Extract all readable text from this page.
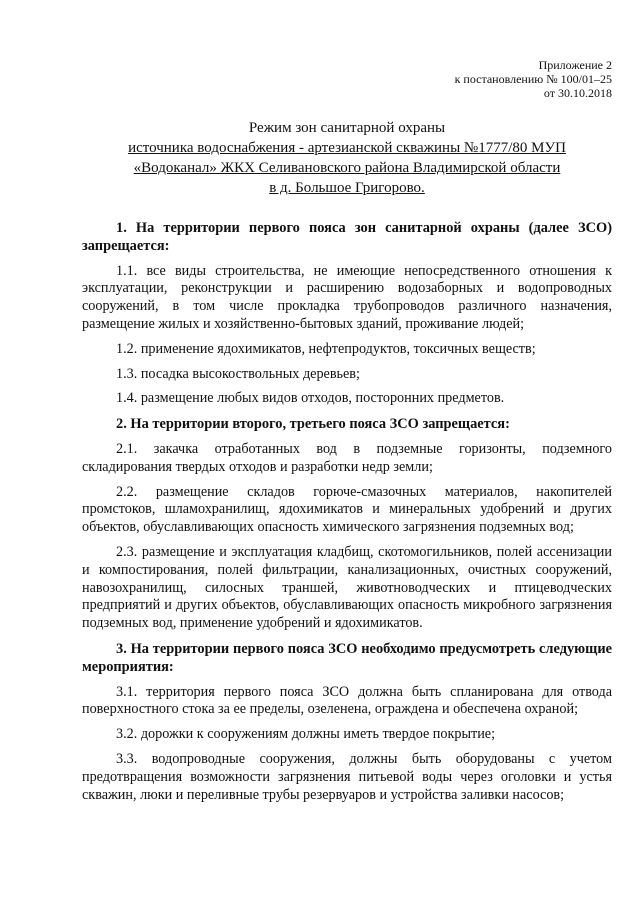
Приложение 2
к постановлению № 100/01–25
от 30.10.2018
Режим зон санитарной охраны
источника водоснабжения - артезианской скважины №1777/80 МУП
«Водоканал» ЖКХ Селивановского района Владимирской области
в д. Большое Григорово.
1. На территории первого пояса зон санитарной охраны (далее ЗСО) запрещается:
1.1. все виды строительства, не имеющие непосредственного отношения к эксплуатации, реконструкции и расширению водозаборных и водопроводных сооружений, в том числе прокладка трубопроводов различного назначения, размещение жилых и хозяйственно-бытовых зданий, проживание людей;
1.2. применение ядохимикатов, нефтепродуктов, токсичных веществ;
1.3. посадка высокоствольных деревьев;
1.4. размещение любых видов отходов, посторонних предметов.
2. На территории второго, третьего пояса ЗСО запрещается:
2.1. закачка отработанных вод в подземные горизонты, подземного складирования твердых отходов и разработки недр земли;
2.2. размещение складов горюче-смазочных материалов, накопителей промстоков, шламохранилищ, ядохимикатов и минеральных удобрений и других объектов, обуславливающих опасность химического загрязнения подземных вод;
2.3. размещение и эксплуатация кладбищ, скотомогильников, полей ассенизации и компостирования, полей фильтрации, канализационных, очистных сооружений, навозохранилищ, силосных траншей, животноводческих и птицеводческих предприятий и других объектов, обуславливающих опасность микробного загрязнения подземных вод, применение удобрений и ядохимикатов.
3. На территории первого пояса ЗСО необходимо предусмотреть следующие мероприятия:
3.1. территория первого пояса ЗСО должна быть спланирована для отвода поверхностного стока за ее пределы, озеленена, ограждена и обеспечена охраной;
3.2. дорожки к сооружениям должны иметь твердое покрытие;
3.3. водопроводные сооружения, должны быть оборудованы с учетом предотвращения возможности загрязнения питьевой воды через оголовки и устья скважин, люки и переливные трубы резервуаров и устройства заливки насосов;
